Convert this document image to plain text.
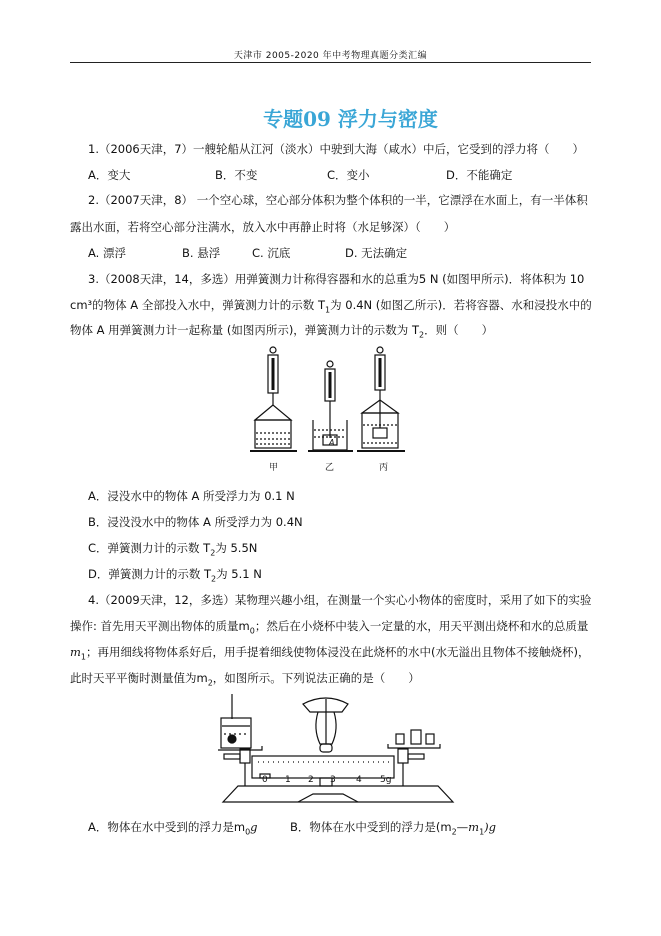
天津市 2005-2020 年中考物理真题分类汇编
专题09 浮力与密度
1.（2006天津，7）一艘轮船从江河（淡水）中驶到大海（咸水）中后，它受到的浮力将（　　）
A．变大	B．不变	C．变小	D．不能确定
2.（2007天津，8） 一个空心球，空心部分体积为整个体积的一半，它漂浮在水面上，有一半体积
露出水面，若将空心部分注满水，放入水中再静止时将（水足够深）（　　）
A. 漂浮	B. 悬浮	C. 沉底	D. 无法确定
3.（2008天津，14，多选）用弹簧测力计称得容器和水的总重为5 N (如图甲所示)．将体积为 10
cm³的物体 A 全部投入水中，弹簧测力计的示数 $T_1$为 0.4N (如图乙所示)．若将容器、水和浸投水中的
物体 A 用弹簧测力计一起称量 (如图丙所示)，弹簧测力计的示数为 $T_2$．则（　　）
A
甲	乙	丙
A．浸没水中的物体 A 所受浮力为 0.1 N
B．浸没没水中的物体 A 所受浮力为 0.4N
C．弹簧测力计的示数 $T_2$为 5.5N
D．弹簧测力计的示数 $T_2$为 5.1 N
4.（2009天津，12，多选）某物理兴趣小组，在测量一个实心小物体的密度时，采用了如下的实验
操作: 首先用天平测出物体的质量$m_0$；然后在小烧杯中装入一定量的水，用天平测出烧杯和水的总质量
$m_1$；再用细线将物体系好后，用手提着细线使物体浸没在此烧杯的水中(水无溢出且物体不接触烧杯)，
此时天平平衡时测量值为$m_2$，如图所示。下列说法正确的是（　　）
0 1 2 3 4 5g
A．物体在水中受到的浮力是$m_0g$	B．物体在水中受到的浮力是$(m_2—m_1)g$
